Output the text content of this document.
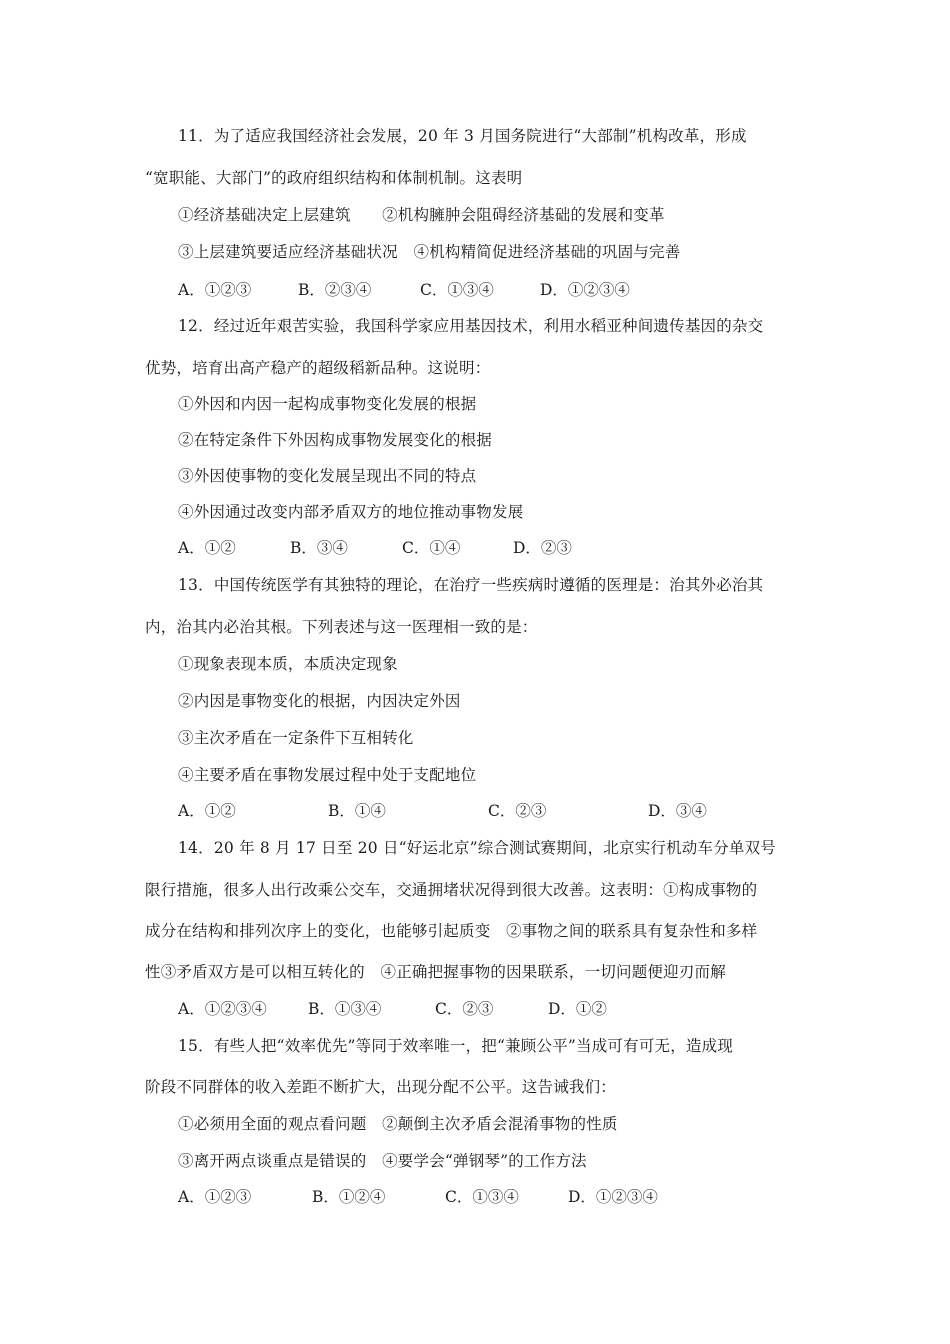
11．为了适应我国经济社会发展，20 年 3 月国务院进行“大部制”机构改革，形成
“宽职能、大部门”的政府组织结构和体制机制。这表明
①经济基础决定上层建筑　　②机构臃肿会阻碍经济基础的发展和变革
③上层建筑要适应经济基础状况　④机构精简促进经济基础的巩固与完善
A．①②③	B．②③④	C．①③④	D．①②③④
12．经过近年艰苦实验，我国科学家应用基因技术，利用水稻亚种间遗传基因的杂交
优势，培育出高产稳产的超级稻新品种。这说明：
①外因和内因一起构成事物变化发展的根据
②在特定条件下外因构成事物发展变化的根据
③外因使事物的变化发展呈现出不同的特点
④外因通过改变内部矛盾双方的地位推动事物发展
A．①②	B．③④	C．①④	D．②③
13．中国传统医学有其独特的理论，在治疗一些疾病时遵循的医理是：治其外必治其
内，治其内必治其根。下列表述与这一医理相一致的是：
①现象表现本质，本质决定现象
②内因是事物变化的根据，内因决定外因
③主次矛盾在一定条件下互相转化
④主要矛盾在事物发展过程中处于支配地位
A．①②	B．①④	C．②③	D．③④
14．20 年 8 月 17 日至 20 日“好运北京”综合测试赛期间，北京实行机动车分单双号
限行措施，很多人出行改乘公交车，交通拥堵状况得到很大改善。这表明：①构成事物的
成分在结构和排列次序上的变化，也能够引起质变　②事物之间的联系具有复杂性和多样
性③矛盾双方是可以相互转化的　④正确把握事物的因果联系，一切问题便迎刃而解
A．①②③④	B．①③④	C．②③	D．①②
15．有些人把“效率优先”等同于效率唯一，把“兼顾公平”当成可有可无，造成现
阶段不同群体的收入差距不断扩大，出现分配不公平。这告诫我们：
①必须用全面的观点看问题　②颠倒主次矛盾会混淆事物的性质
③离开两点谈重点是错误的　④要学会“弹钢琴”的工作方法
A．①②③	B．①②④	C．①③④	D．①②③④
